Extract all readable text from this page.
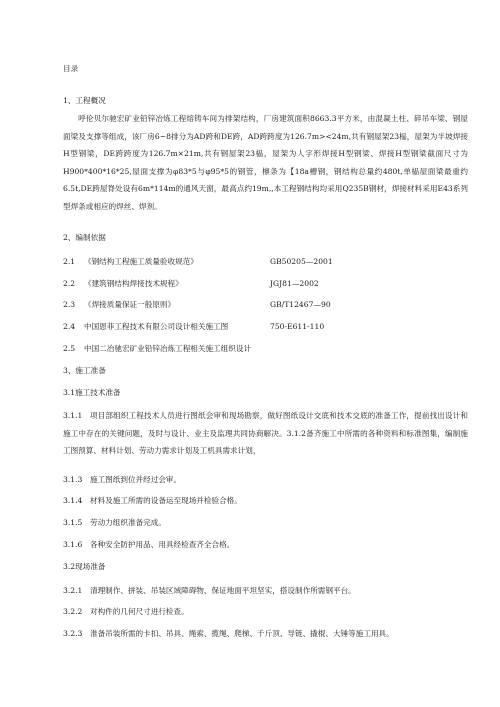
目录
1、工程概况
呼伦贝尔驰宏矿业铅锌冶炼工程熔铸车间为排架结构，厂房建筑面积8663.3平方米，由混凝土柱、碎吊车梁、钢屋面梁及支撑等组成，该厂房6~8排分为AD跨和DE跨，AD跨跨度为126.7m><24m,共有钢屋架23榀，屋架为半坡焊接H型钢梁，DE跨跨度为126.7m×21m,共有钢屋架23榀，屋架为人字形焊接H型钢梁、焊接H型钢梁截面尺寸为H900*400*16*25,屋面支撑为φ83*5与φ95*5的钢管，檩条为【18a槽钢，钢结构总量约480t,单榀屋面梁最重约6.5t,DE跨屋脊处设有6m*114m的通风天窗，最高点约19m,,本工程钢结构均采用Q235B钢材，焊接材料采用E43系列型焊条或相应的焊丝、焊剂。
2、编制依据
2.1 《钢结构工程施工质量验收规范》	GB50205—2001
2.2 《建筑钢结构焊接技术规程》	JGJ81—2002
2.3 《焊接质量保证一般原则》	GB/T12467—90
2.4 中国恩菲工程技术有限公司设计相关施工图	750-E611-110
2.5 中国二冶驰宏矿业铅锌冶炼工程相关施工组织设计
3、施工准备
3.1施工技术准备
3.1.1 项目部组织工程技术人员进行图纸会审和现场勘察，做好图纸设计交底和技术交底的准备工作，提前找出设计和施工中存在的关键问题，及时与设计、业主及监理共同协商解决。3.1.2备齐施工中所需的各种资料和标准图集，编制施工图预算、材料计划、劳动力需求计划及工机具需求计划，
3.1.3 施工图纸到位并经过会审。
3.1.4 材料及施工所需的设备运至现场并检验合格。
3.1.5 劳动力组织准备完成。
3.1.6 各种安全防护用品、用具经检查齐全合格。
3.2现场准备
3.2.1 清理制作、拼装、吊装区域障碍物，保证地面平坦坚实，搭设制作所需钢平台。
3.2.2 对构件的几何尺寸进行检查。
3.2.3 准备吊装所需的卡扣、吊具、绳索、揽绳、爬梯、千斤顶、导链、撬棍、大锤等施工用具。
